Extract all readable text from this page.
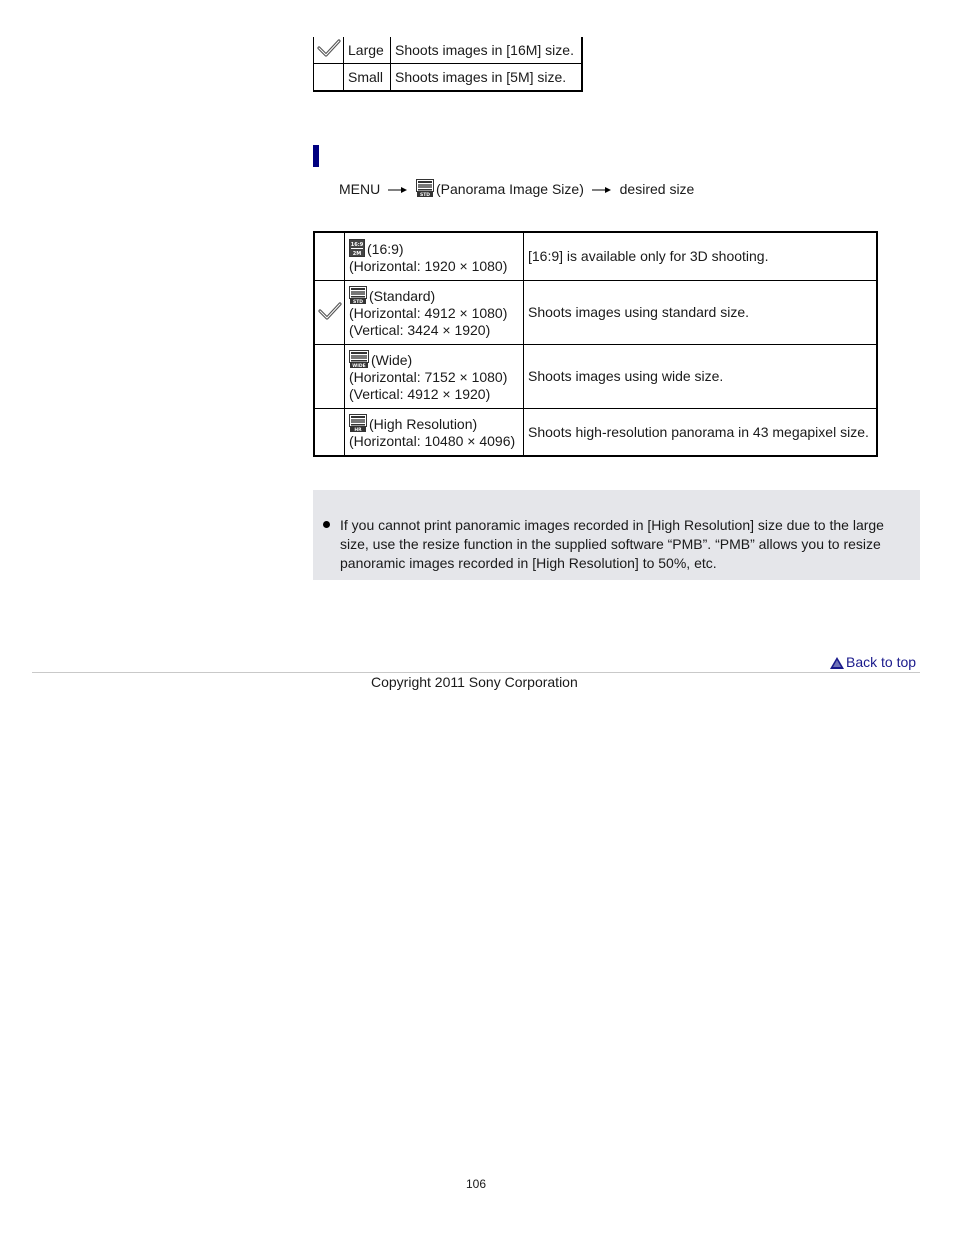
	Large	Shoots images in [16M] size.
	Small	Shoots images in [5M] size.
MENU	STD (Panorama Image Size)	desired size

16:9
2M (16:9)
(Horizontal: 1920 × 1080)	[16:9] is available only for 3D shooting.

STD (Standard)
(Horizontal: 4912 × 1080)
(Vertical: 3424 × 1920)	Shoots images using standard size.

WIDE (Wide)
(Horizontal: 7152 × 1080)
(Vertical: 4912 × 1920)	Shoots images using wide size.

HR (High Resolution)
(Horizontal: 10480 × 4096)	Shoots high-resolution panorama in 43 megapixel size.
If you cannot print panoramic images recorded in [High Resolution] size due to the large size, use the resize function in the supplied software “PMB”. “PMB” allows you to resize panoramic images recorded in [High Resolution] to 50%, etc.
Back to top
Copyright 2011 Sony Corporation
106
